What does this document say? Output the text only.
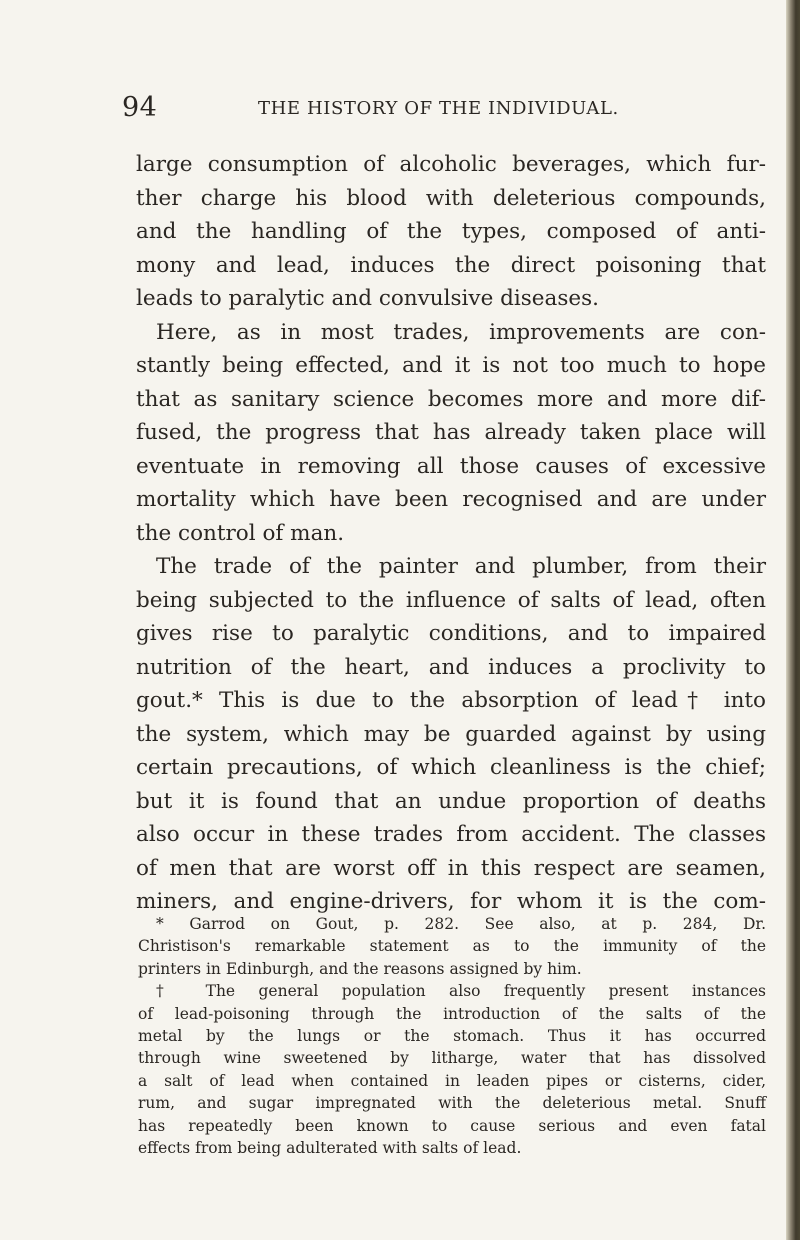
94	THE HISTORY OF THE INDIVIDUAL.
large consumption of alcoholic beverages, which fur-
ther charge his blood with deleterious compounds,
and the handling of the types, composed of anti-
mony and lead, induces the direct poisoning that
leads to paralytic and convulsive diseases.
Here, as in most trades, improvements are con-
stantly being effected, and it is not too much to hope
that as sanitary science becomes more and more dif-
fused, the progress that has already taken place will
eventuate in removing all those causes of excessive
mortality which have been recognised and are under
the control of man.
The trade of the painter and plumber, from their
being subjected to the influence of salts of lead, often
gives rise to paralytic conditions, and to impaired
nutrition of the heart, and induces a proclivity to
gout.* This is due to the absorption of lead† into
the system, which may be guarded against by using
certain precautions, of which cleanliness is the chief;
but it is found that an undue proportion of deaths
also occur in these trades from accident. The classes
of men that are worst off in this respect are seamen,
miners, and engine-drivers, for whom it is the com-
* Garrod on Gout, p. 282. See also, at p. 284, Dr.
Christison's remarkable statement as to the immunity of the
printers in Edinburgh, and the reasons assigned by him.
† The general population also frequently present instances
of lead-poisoning through the introduction of the salts of the
metal by the lungs or the stomach. Thus it has occurred
through wine sweetened by litharge, water that has dissolved
a salt of lead when contained in leaden pipes or cisterns, cider,
rum, and sugar impregnated with the deleterious metal. Snuff
has repeatedly been known to cause serious and even fatal
effects from being adulterated with salts of lead.
